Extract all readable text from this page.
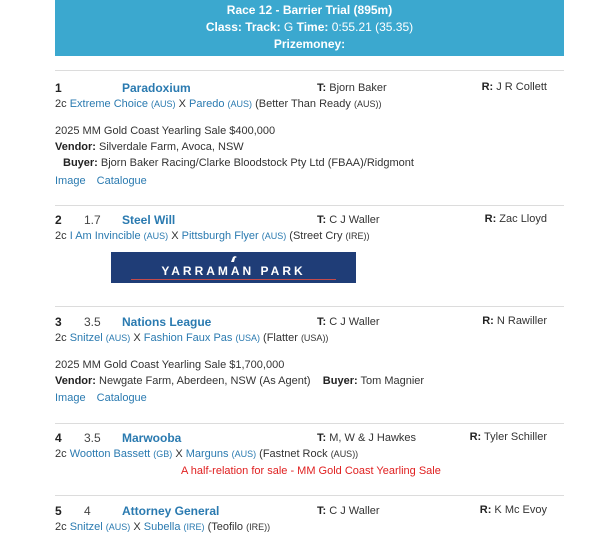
Race 12 - Barrier Trial (895m)
Class: Track: G Time: 0:55.21 (35.35)
Prizemoney:
1	Paradoxium	T: Bjorn Baker	R: J R Collett
2c Extreme Choice (AUS) X Paredo (AUS) (Better Than Ready (AUS))
2025 MM Gold Coast Yearling Sale $400,000
Vendor: Silverdale Farm, Avoca, NSW
Buyer: Bjorn Baker Racing/Clarke Bloodstock Pty Ltd (FBAA)/Ridgmont
Image Catalogue
2 1.7 Steel Will	T: C J Waller	R: Zac Lloyd
2c I Am Invincible (AUS) X Pittsburgh Flyer (AUS) (Street Cry (IRE))
YARRAMAN PARK
3 3.5 Nations League	T: C J Waller	R: N Rawiller
2c Snitzel (AUS) X Fashion Faux Pas (USA) (Flatter (USA))
2025 MM Gold Coast Yearling Sale $1,700,000
Vendor: Newgate Farm, Aberdeen, NSW (As Agent) Buyer: Tom Magnier
Image Catalogue
4 3.5 Marwooba	T: M, W & J Hawkes	R: Tyler Schiller
2c Wootton Bassett (GB) X Marguns (AUS) (Fastnet Rock (AUS))
A half-relation for sale - MM Gold Coast Yearling Sale
5 4	Attorney General	T: C J Waller	R: K Mc Evoy
2c Snitzel (AUS) X Subella (IRE) (Teofilo (IRE))
